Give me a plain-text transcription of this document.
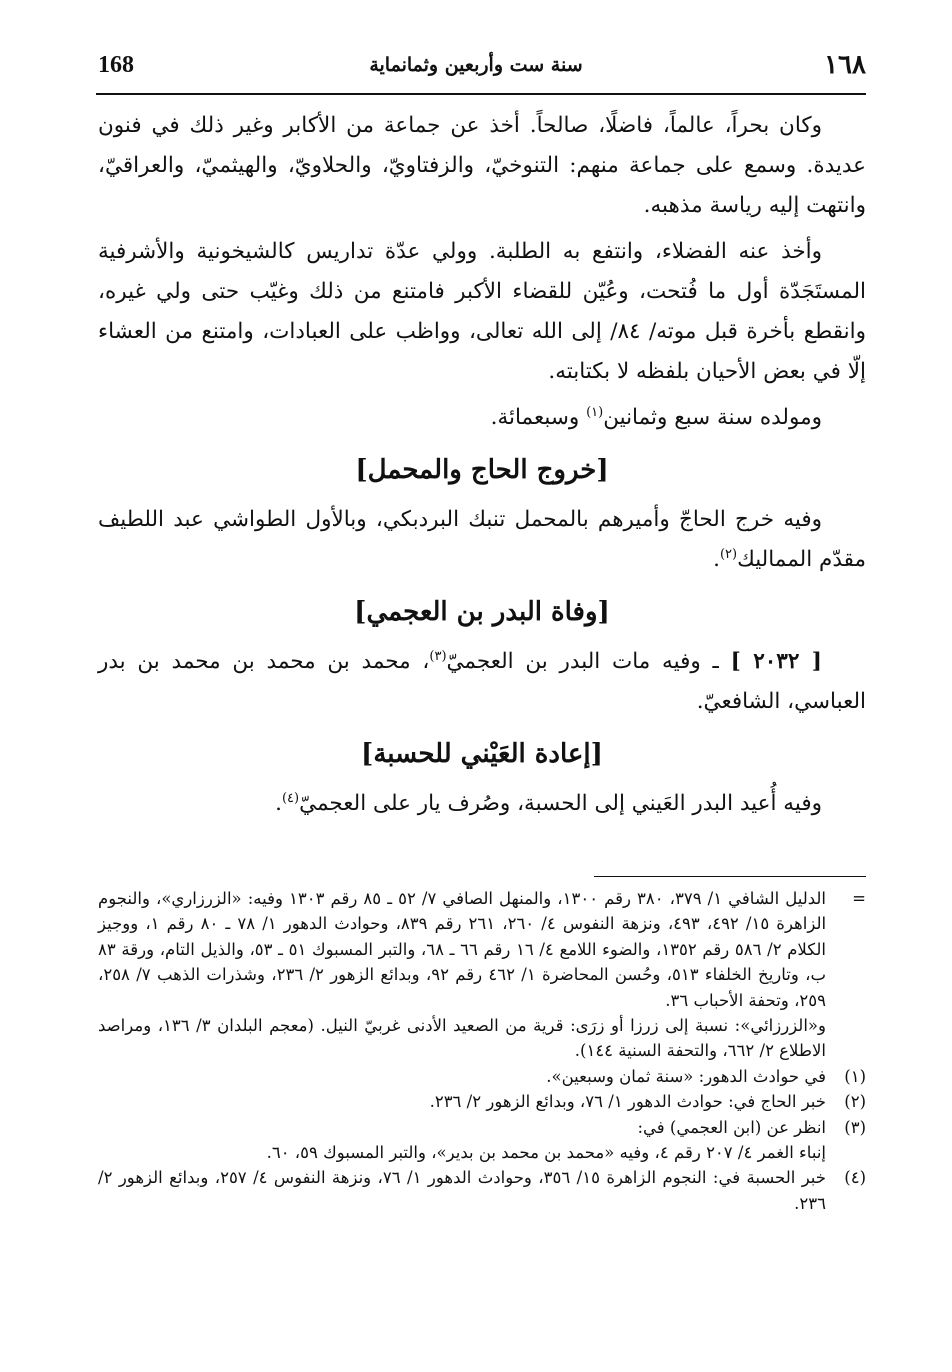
168	سنة ست وأربعين وثمانماية	١٦٨

وكان بحراً، عالماً، فاضلًا، صالحاً. أخذ عن جماعة من الأكابر وغير ذلك في فنون عديدة. وسمع على جماعة منهم: التنوخيّ، والزفتاويّ، والحلاويّ، والهيثميّ، والعراقيّ، وانتهت إليه رياسة مذهبه.

وأخذ عنه الفضلاء، وانتفع به الطلبة. وولي عدّة تداريس كالشيخونية والأشرفية المستَجَدّة أول ما فُتحت، وعُيّن للقضاء الأكبر فامتنع من ذلك وغيّب حتى ولي غيره، وانقطع بأخرة قبل موته/ ٨٤/ إلى الله تعالى، وواظب على العبادات، وامتنع من العشاء إلّا في بعض الأحيان بلفظه لا بكتابته.

ومولده سنة سبع وثمانين$^{(١)}$ وسبعمائة.

[خروج الحاج والمحمل]

وفيه خرج الحاجّ وأميرهم بالمحمل تنبك البردبكي، وبالأول الطواشي عبد اللطيف مقدّم المماليك$^{(٢)}$.

[وفاة البدر بن العجمي]

[ ٢٠٣٢ ] ـ وفيه مات البدر بن العجميّ$^{(٣)}$، محمد بن محمد بن محمد بن بدر العباسي، الشافعيّ.

[إعادة العَيْني للحسبة]

وفيه أُعيد البدر العَيني إلى الحسبة، وصُرف يار على العجميّ$^{(٤)}$.

=

الدليل الشافي ١/ ٣٧٩، ٣٨٠ رقم ١٣٠٠، والمنهل الصافي ٧/ ٥٢ ـ ٨٥ رقم ١٣٠٣ وفيه: «الزرزاري»، والنجوم الزاهرة ١٥/ ٤٩٢، ٤٩٣، ونزهة النفوس ٤/ ٢٦٠، ٢٦١ رقم ٨٣٩، وحوادث الدهور ١/ ٧٨ ـ ٨٠ رقم ١، ووجيز الكلام ٢/ ٥٨٦ رقم ١٣٥٢، والضوء اللامع ٤/ ١٦ رقم ٦٦ ـ ٦٨، والتبر المسبوك ٥١ ـ ٥٣، والذيل التام، ورقة ٨٣ ب، وتاريخ الخلفاء ٥١٣، وحُسن المحاضرة ١/ ٤٦٢ رقم ٩٢، وبدائع الزهور ٢/ ٢٣٦، وشذرات الذهب ٧/ ٢٥٨، ٢٥٩، وتحفة الأحباب ٣٦.

و«الزرزائي»: نسبة إلى زرزا أو زرَى: قرية من الصعيد الأدنى غربيّ النيل. (معجم البلدان ٣/ ١٣٦، ومراصد الاطلاع ٢/ ٦٦٢، والتحفة السنية ١٤٤).

(١)

في حوادث الدهور: «سنة ثمان وسبعين».

(٢)

خبر الحاج في: حوادث الدهور ١/ ٧٦، وبدائع الزهور ٢/ ٢٣٦.

(٣)

انظر عن (ابن العجمي) في:

إنباء الغمر ٤/ ٢٠٧ رقم ٤، وفيه «محمد بن محمد بن بدير»، والتبر المسبوك ٥٩، ٦٠.

(٤)

خبر الحسبة في: النجوم الزاهرة ١٥/ ٣٥٦، وحوادث الدهور ١/ ٧٦، ونزهة النفوس ٤/ ٢٥٧، وبدائع الزهور ٢/ ٢٣٦.
